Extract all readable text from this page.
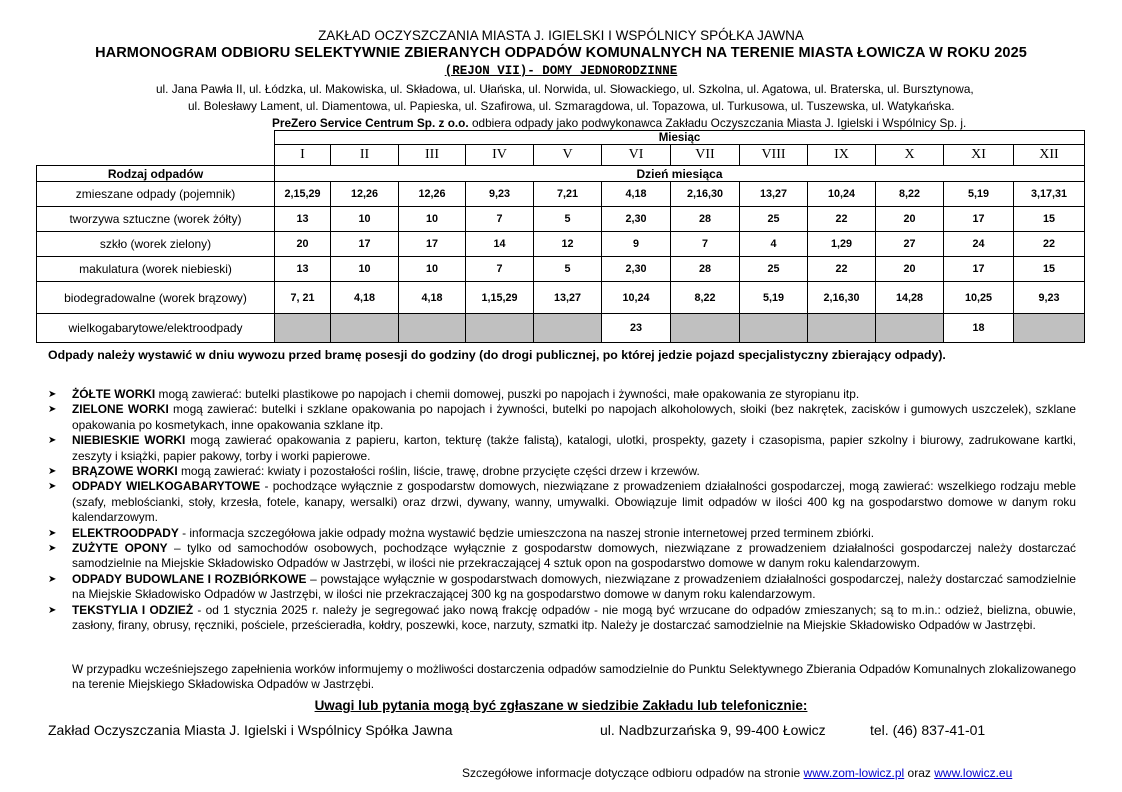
ZAKŁAD OCZYSZCZANIA MIASTA J. IGIELSKI I WSPÓLNICY SPÓŁKA JAWNA
HARMONOGRAM ODBIORU SELEKTYWNIE ZBIERANYCH ODPADÓW KOMUNALNYCH NA TERENIE MIASTA ŁOWICZA W ROKU 2025
(REJON VII)- DOMY JEDNORODZINNE
ul. Jana Pawła II, ul. Łódzka, ul. Makowiska, ul. Składowa, ul. Ułańska, ul. Norwida, ul. Słowackiego, ul. Szkolna, ul. Agatowa, ul. Braterska, ul. Bursztynowa,
ul. Bolesławy Lament, ul. Diamentowa, ul. Papieska, ul. Szafirowa, ul. Szmaragdowa, ul. Topazowa, ul. Turkusowa, ul. Tuszewska, ul. Watykańska.
PreZero Service Centrum Sp. z o.o. odbiera odpady jako podwykonawca Zakładu Oczyszczania Miasta J. Igielski i Wspólnicy Sp. j.
	Miesiąc											
	I	II	III	IV	V	VI	VII	VIII	IX	X	XI	XII
Rodzaj odpadów	Dzień miesiąca											
zmieszane odpady (pojemnik)	2,15,29	12,26	12,26	9,23	7,21	4,18	2,16,30	13,27	10,24	8,22	5,19	3,17,31
tworzywa sztuczne (worek żółty)	13	10	10	7	5	2,30	28	25	22	20	17	15
szkło (worek zielony)	20	17	17	14	12	9	7	4	1,29	27	24	22
makulatura (worek niebieski)	13	10	10	7	5	2,30	28	25	22	20	17	15
biodegradowalne (worek brązowy)	7, 21	4,18	4,18	1,15,29	13,27	10,24	8,22	5,19	2,16,30	14,28	10,25	9,23
wielkogabarytowe/elektroodpady						23					18	
Odpady należy wystawić w dniu wywozu przed bramę posesji do godziny (do drogi publicznej, po której jedzie pojazd specjalistyczny zbierający odpady).
➤ ŻÓŁTE WORKI mogą zawierać: butelki plastikowe po napojach i chemii domowej, puszki po napojach i żywności, małe opakowania ze styropianu itp.
➤ ZIELONE WORKI mogą zawierać: butelki i szklane opakowania po napojach i żywności, butelki po napojach alkoholowych, słoiki (bez nakrętek, zacisków i gumowych uszczelek), szklane opakowania po kosmetykach, inne opakowania szklane itp.
➤ NIEBIESKIE WORKI mogą zawierać opakowania z papieru, karton, tekturę (także falistą), katalogi, ulotki, prospekty, gazety i czasopisma, papier szkolny i biurowy, zadrukowane kartki, zeszyty i książki, papier pakowy, torby i worki papierowe.
➤ BRĄZOWE WORKI mogą zawierać: kwiaty i pozostałości roślin, liście, trawę, drobne przycięte części drzew i krzewów.
➤ ODPADY WIELKOGABARYTOWE - pochodzące wyłącznie z gospodarstw domowych, niezwiązane z prowadzeniem działalności gospodarczej, mogą zawierać: wszelkiego rodzaju meble (szafy, meblościanki, stoły, krzesła, fotele, kanapy, wersalki) oraz drzwi, dywany, wanny, umywalki. Obowiązuje limit odpadów w ilości 400 kg na gospodarstwo domowe w danym roku kalendarzowym.
➤ ELEKTROODPADY - informacja szczegółowa jakie odpady można wystawić będzie umieszczona na naszej stronie internetowej przed terminem zbiórki.
➤ ZUŻYTE OPONY – tylko od samochodów osobowych, pochodzące wyłącznie z gospodarstw domowych, niezwiązane z prowadzeniem działalności gospodarczej należy dostarczać samodzielnie na Miejskie Składowisko Odpadów w Jastrzębi, w ilości nie przekraczającej 4 sztuk opon na gospodarstwo domowe w danym roku kalendarzowym.
➤ ODPADY BUDOWLANE I ROZBIÓRKOWE – powstające wyłącznie w gospodarstwach domowych, niezwiązane z prowadzeniem działalności gospodarczej, należy dostarczać samodzielnie na Miejskie Składowisko Odpadów w Jastrzębi, w ilości nie przekraczającej 300 kg na gospodarstwo domowe w danym roku kalendarzowym.
➤ TEKSTYLIA I ODZIEŻ - od 1 stycznia 2025 r. należy je segregować jako nową frakcję odpadów - nie mogą być wrzucane do odpadów zmieszanych; są to m.in.: odzież, bielizna, obuwie, zasłony, firany, obrusy, ręczniki, pościele, prześcieradła, kołdry, poszewki, koce, narzuty, szmatki itp. Należy je dostarczać samodzielnie na Miejskie Składowisko Odpadów w Jastrzębi.
W przypadku wcześniejszego zapełnienia worków informujemy o możliwości dostarczenia odpadów samodzielnie do Punktu Selektywnego Zbierania Odpadów Komunalnych zlokalizowanego na terenie Miejskiego Składowiska Odpadów w Jastrzębi.
Uwagi lub pytania mogą być zgłaszane w siedzibie Zakładu lub telefonicznie:
Zakład Oczyszczania Miasta J. Igielski i Wspólnicy Spółka Jawna	ul. Nadbzurzańska 9, 99-400 Łowicz	tel. (46) 837-41-01
Szczegółowe informacje dotyczące odbioru odpadów na stronie www.zom-lowicz.pl oraz www.lowicz.eu
